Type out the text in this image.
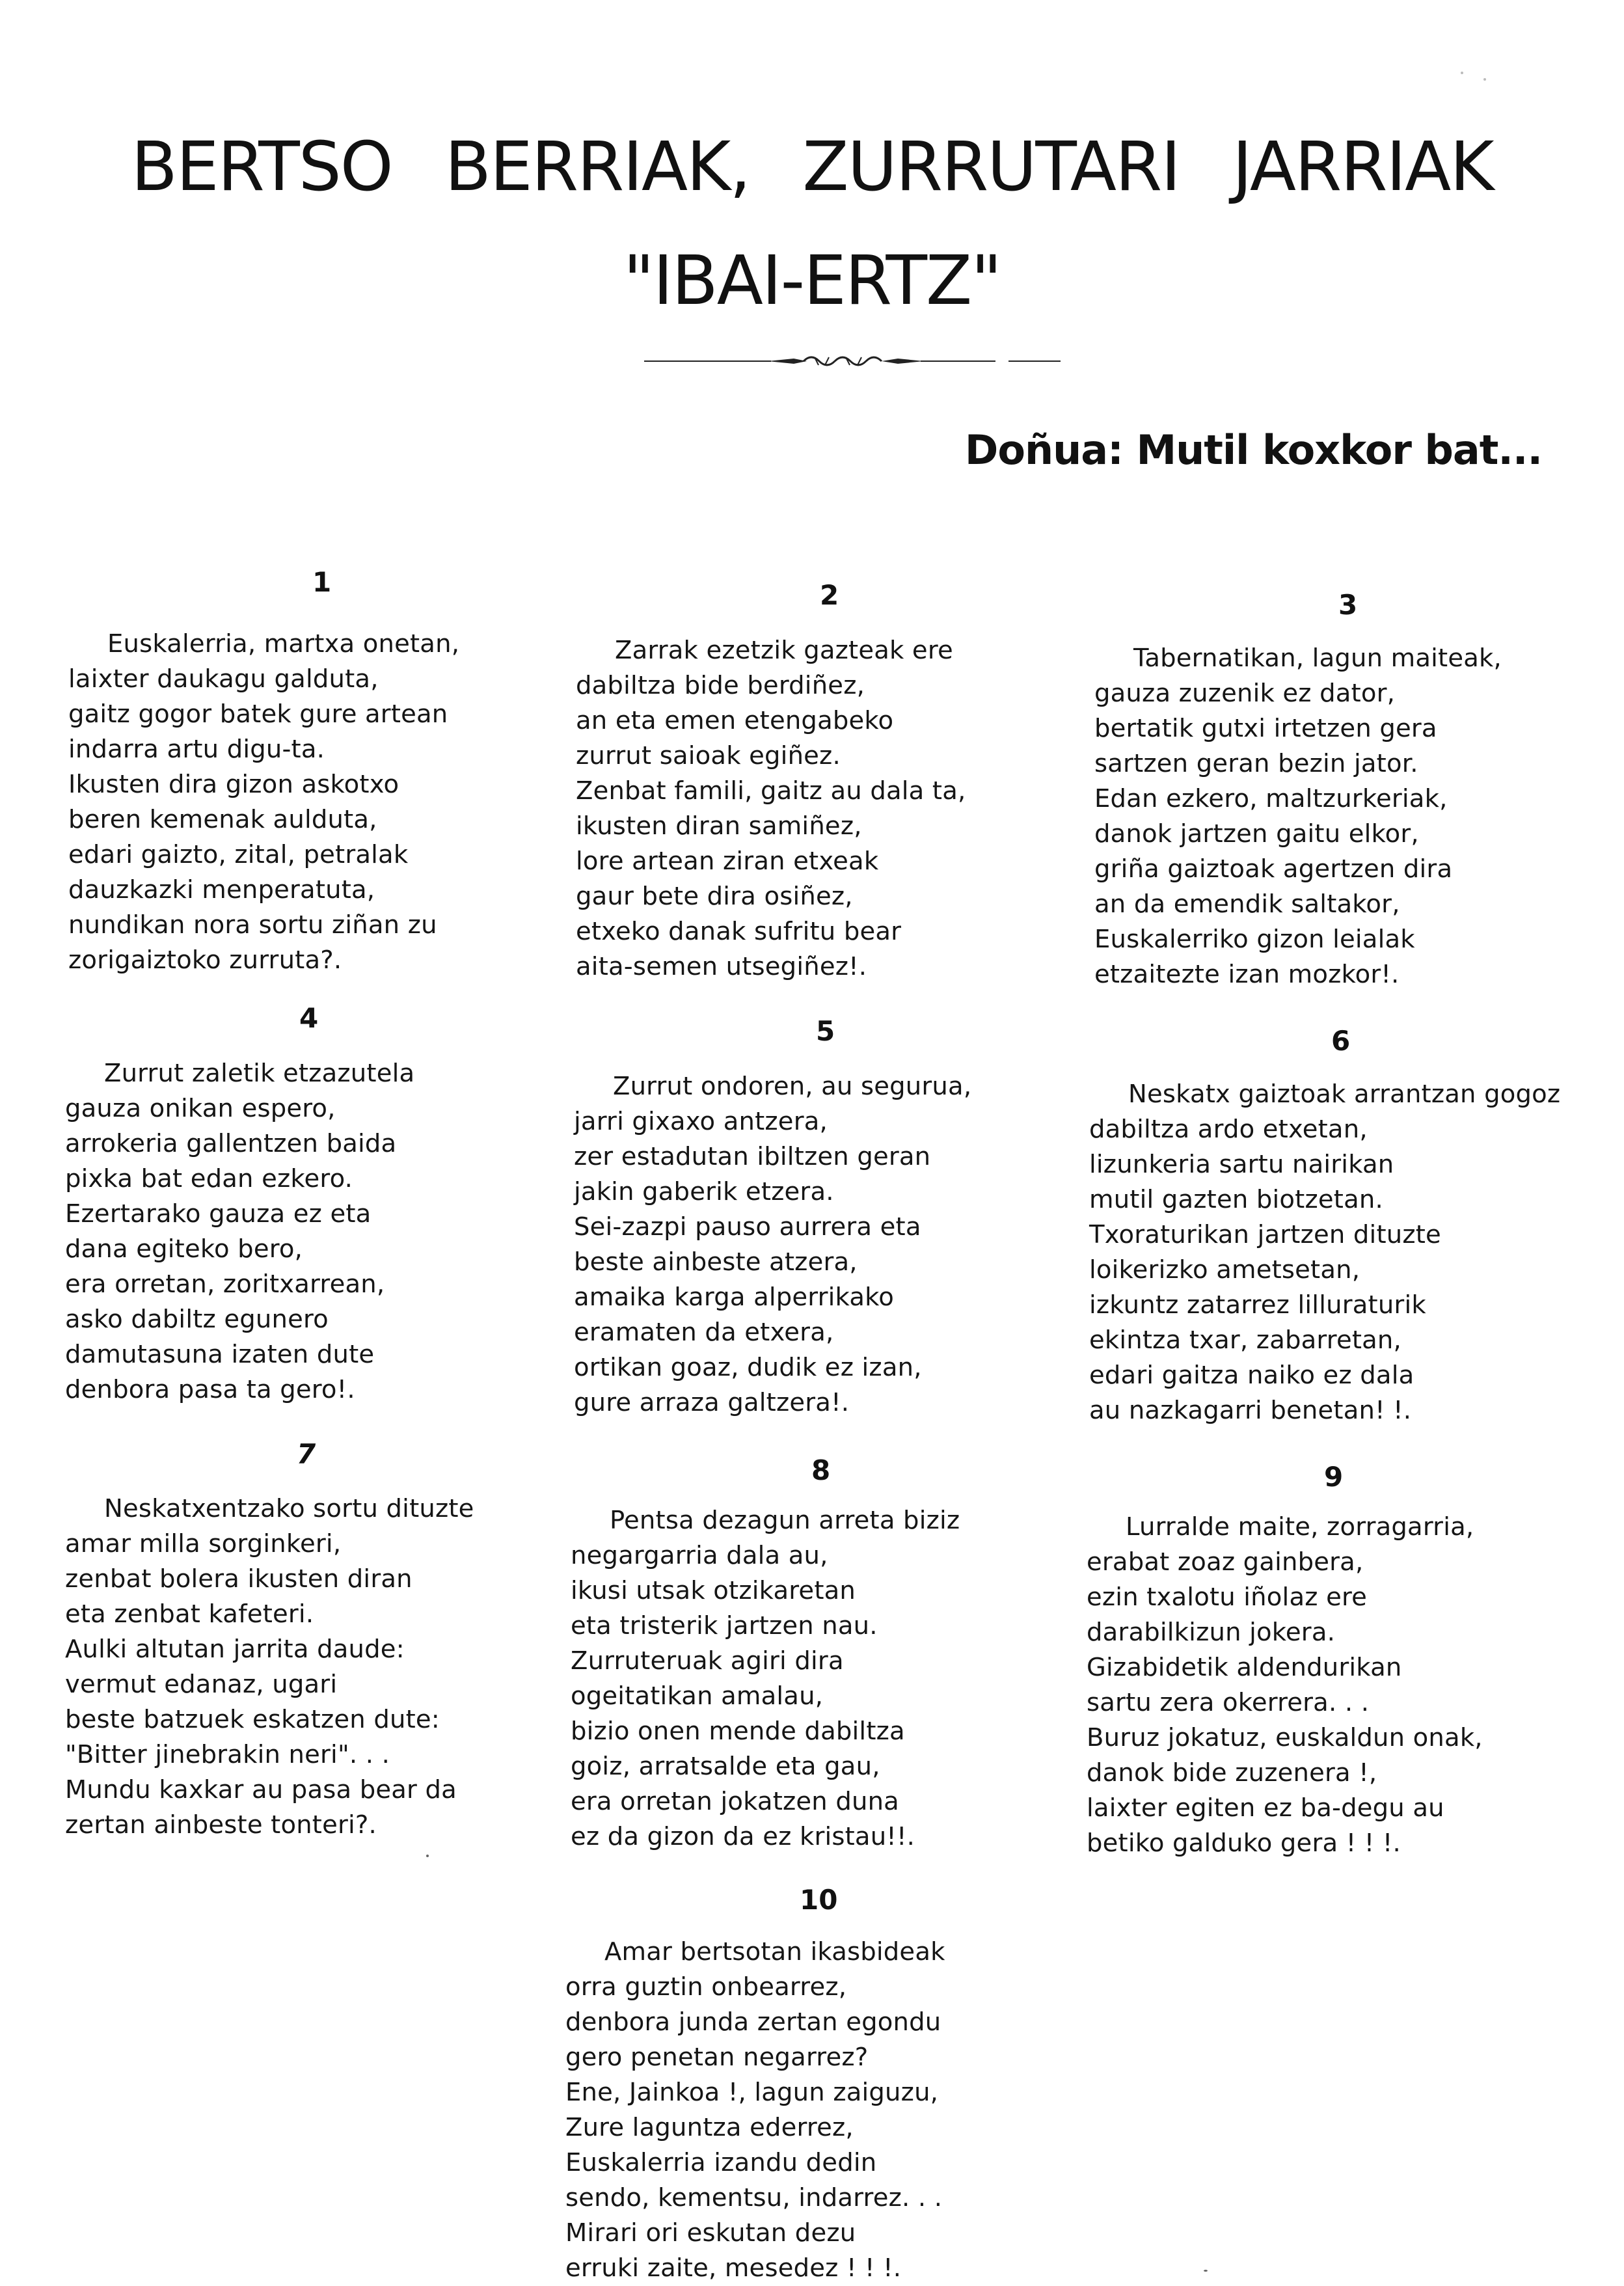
BERTSO BERRIAK, ZURRUTARI JARRIAK
"IBAI-ERTZ"
Doñua: Mutil koxkor bat...
1
Euskalerria, martxa onetan,
laixter daukagu galduta,
gaitz gogor batek gure artean
indarra artu digu-ta.
Ikusten dira gizon askotxo
beren kemenak aulduta,
edari gaizto, zital, petralak
dauzkazki menperatuta,
nundikan nora sortu ziñan zu
zorigaiztoko zurruta?.
2
Zarrak ezetzik gazteak ere
dabiltza bide berdiñez,
an eta emen etengabeko
zurrut saioak egiñez.
Zenbat famili, gaitz au dala ta,
ikusten diran samiñez,
lore artean ziran etxeak
gaur bete dira osiñez,
etxeko danak sufritu bear
aita-semen utsegiñez!.
3
Tabernatikan, lagun maiteak,
gauza zuzenik ez dator,
bertatik gutxi irtetzen gera
sartzen geran bezin jator.
Edan ezkero, maltzurkeriak,
danok jartzen gaitu elkor,
griña gaiztoak agertzen dira
an da emendik saltakor,
Euskalerriko gizon leialak
etzaitezte izan mozkor!.
4
Zurrut zaletik etzazutela
gauza onikan espero,
arrokeria gallentzen baida
pixka bat edan ezkero.
Ezertarako gauza ez eta
dana egiteko bero,
era orretan, zoritxarrean,
asko dabiltz egunero
damutasuna izaten dute
denbora pasa ta gero!.
5
Zurrut ondoren, au segurua,
jarri gixaxo antzera,
zer estadutan ibiltzen geran
jakin gaberik etzera.
Sei-zazpi pauso aurrera eta
beste ainbeste atzera,
amaika karga alperrikako
eramaten da etxera,
ortikan goaz, dudik ez izan,
gure arraza galtzera!.
6
Neskatx gaiztoak arrantzan gogoz
dabiltza ardo etxetan,
lizunkeria sartu nairikan
mutil gazten biotzetan.
Txoraturikan jartzen dituzte
loikerizko ametsetan,
izkuntz zatarrez lilluraturik
ekintza txar, zabarretan,
edari gaitza naiko ez dala
au nazkagarri benetan! !.
7
Neskatxentzako sortu dituzte
amar milla sorginkeri,
zenbat bolera ikusten diran
eta zenbat kafeteri.
Aulki altutan jarrita daude:
vermut edanaz, ugari
beste batzuek eskatzen dute:
"Bitter jinebrakin neri". . .
Mundu kaxkar au pasa bear da
zertan ainbeste tonteri?.
8
Pentsa dezagun arreta biziz
negargarria dala au,
ikusi utsak otzikaretan
eta tristerik jartzen nau.
Zurruteruak agiri dira
ogeitatikan amalau,
bizio onen mende dabiltza
goiz, arratsalde eta gau,
era orretan jokatzen duna
ez da gizon da ez kristau!!.
9
Lurralde maite, zorragarria,
erabat zoaz gainbera,
ezin txalotu iñolaz ere
darabilkizun jokera.
Gizabidetik aldendurikan
sartu zera okerrera. . .
Buruz jokatuz, euskaldun onak,
danok bide zuzenera !,
laixter egiten ez ba-degu au
betiko galduko gera ! ! !.
10
Amar bertsotan ikasbideak
orra guztin onbearrez,
denbora junda zertan egondu
gero penetan negarrez?
Ene, Jainkoa !, lagun zaiguzu,
Zure laguntza ederrez,
Euskalerria izandu dedin
sendo, kementsu, indarrez. . .
Mirari ori eskutan dezu
erruki zaite, mesedez ! ! !.
